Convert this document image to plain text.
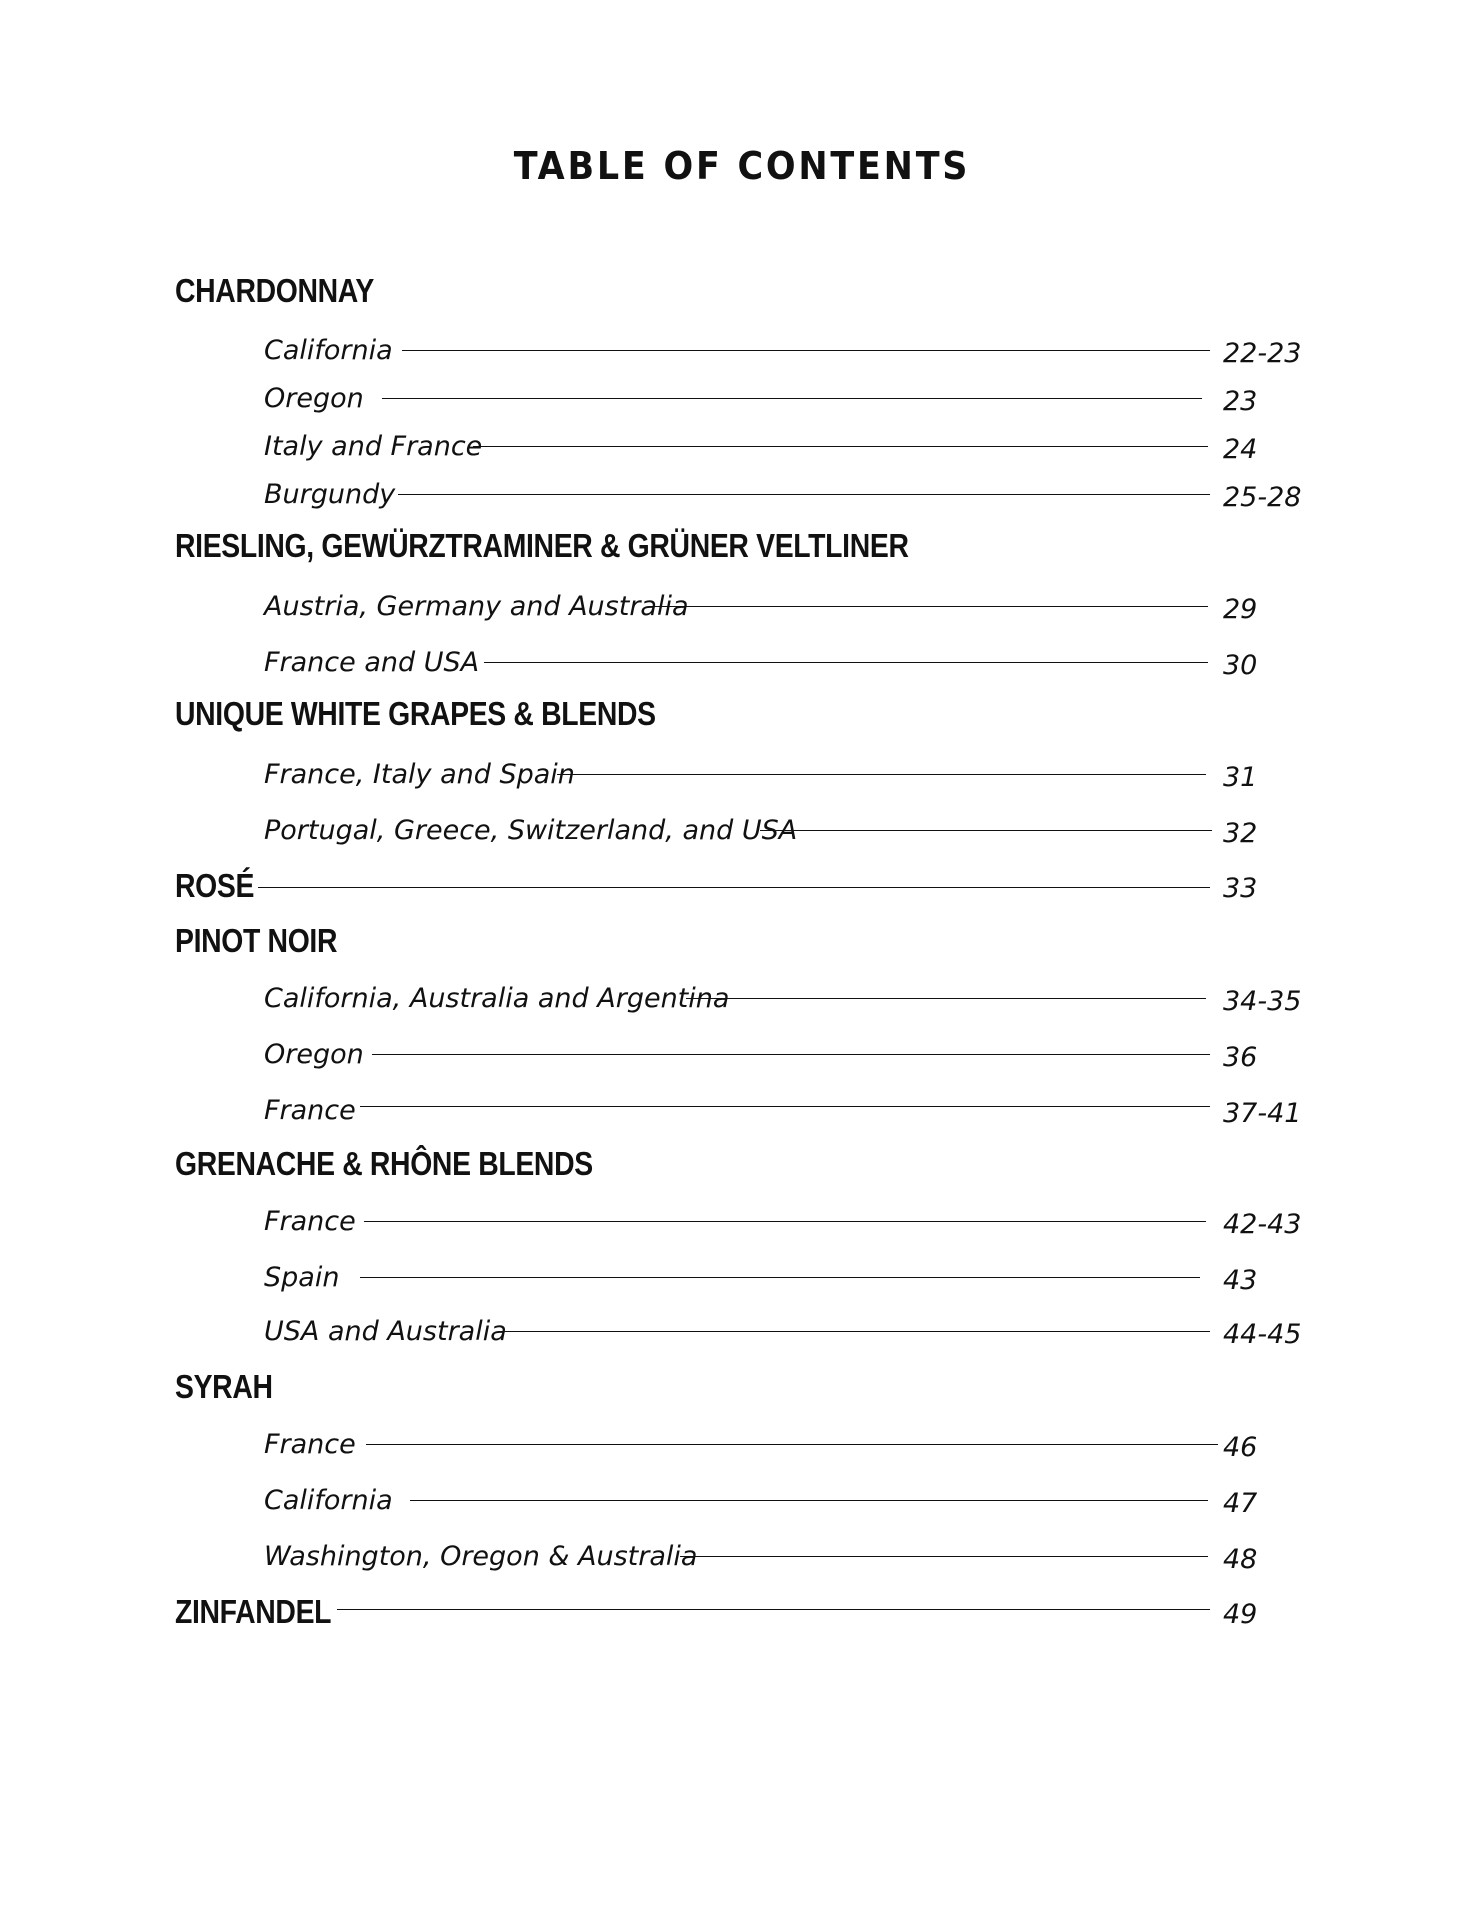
TABLE OF CONTENTS
CHARDONNAY
California	22-23
Oregon	23
Italy and France	24
Burgundy	25-28
RIESLING, GEWÜRZTRAMINER & GRÜNER VELTLINER
Austria, Germany and Australia	29
France and USA	30
UNIQUE WHITE GRAPES & BLENDS
France, Italy and Spain	31
Portugal, Greece, Switzerland, and USA	32
ROSÉ	33
PINOT NOIR
California, Australia and Argentina	34-35
Oregon	36
France	37-41
GRENACHE & RHÔNE BLENDS
France	42-43
Spain	43
USA and Australia	44-45
SYRAH
France	46
California	47
Washington, Oregon & Australia	48
ZINFANDEL	49
